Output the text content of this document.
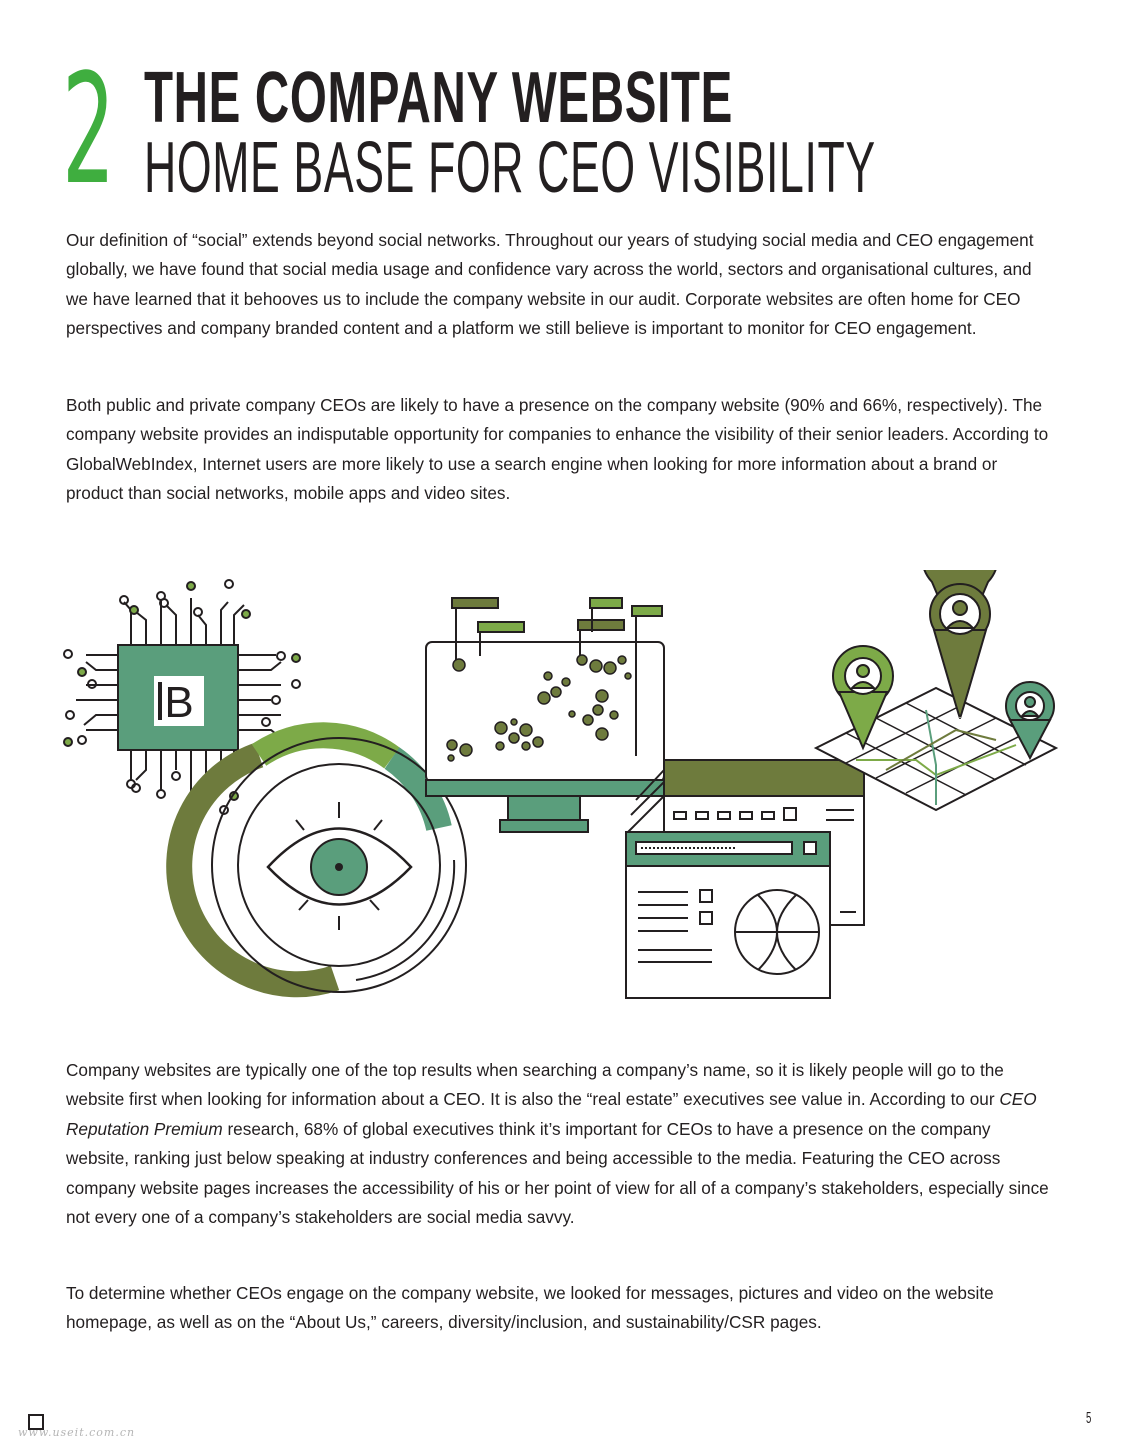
2 THE COMPANY WEBSITE
HOME BASE FOR CEO VISIBILITY

Our definition of “social” extends beyond social networks. Throughout our years of studying social media and CEO engagement globally, we have found that social media usage and confidence vary across the world, sectors and organisational cultures, and we have learned that it behooves us to include the company website in our audit. Corporate websites are often home for CEO perspectives and company branded content and a platform we still believe is important to monitor for CEO engagement.

Both public and private company CEOs are likely to have a presence on the company website (90% and 66%, respectively). The company website provides an indisputable opportunity for companies to enhance the visibility of their senior leaders. According to GlobalWebIndex, Internet users are more likely to use a search engine when looking for more information about a brand or product than social networks, mobile apps and video sites.

B

Company websites are typically one of the top results when searching a company’s name, so it is likely people will go to the website first when looking for information about a CEO. It is also the “real estate” executives see value in. According to our CEO Reputation Premium research, 68% of global executives think it’s important for CEOs to have a presence on the company website, ranking just below speaking at industry conferences and being accessible to the media. Featuring the CEO across company website pages increases the accessibility of his or her point of view for all of a company’s stakeholders, especially since not every one of a company’s stakeholders are social media savvy.

To determine whether CEOs engage on the company website, we looked for messages, pictures and video on the website homepage, as well as on the “About Us,” careers, diversity/inclusion, and sustainability/CSR pages.

www.useit.com.cn
5
